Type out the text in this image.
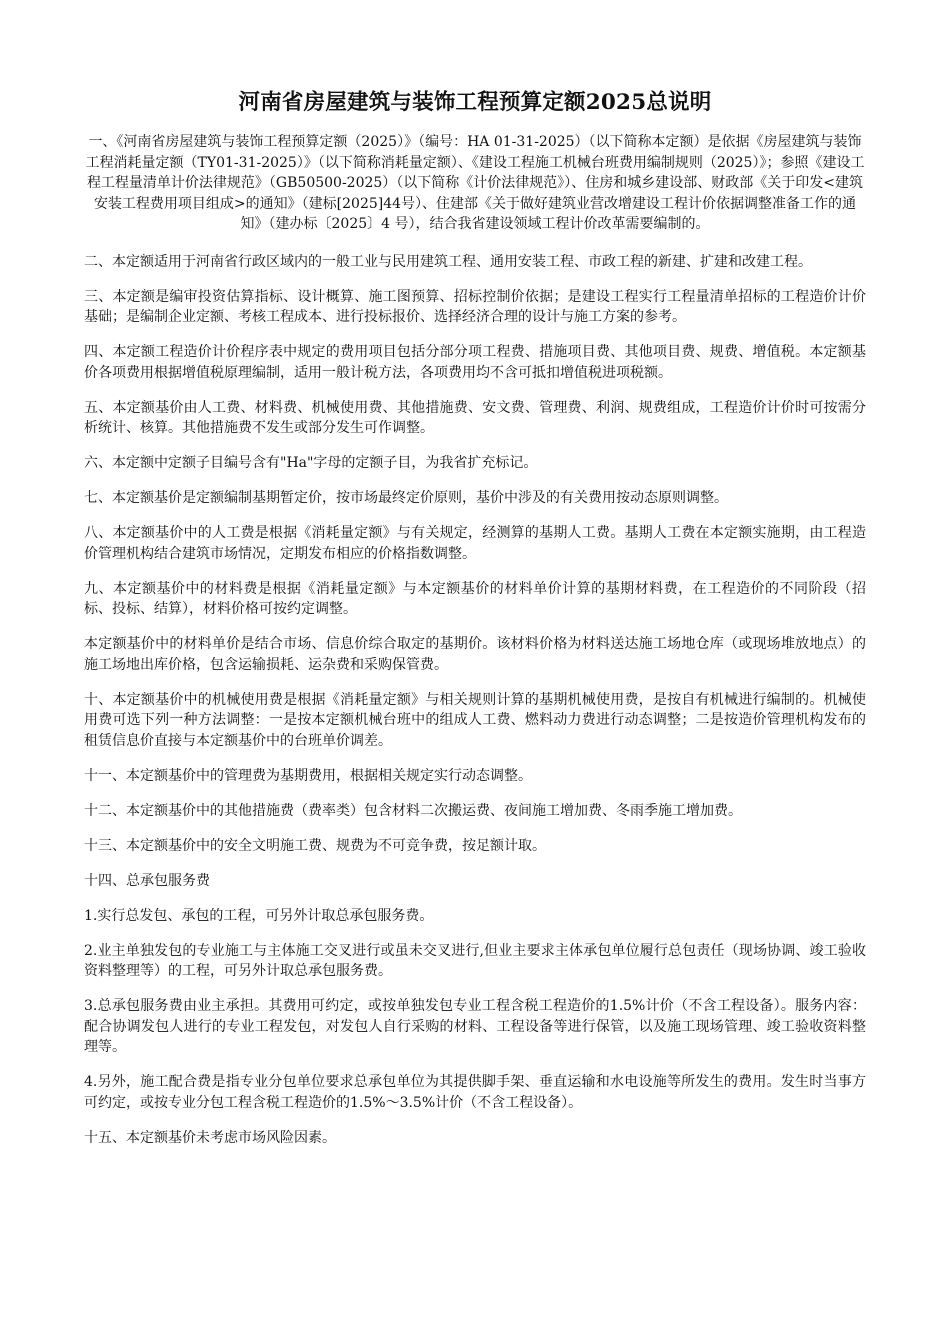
河南省房屋建筑与装饰工程预算定额2025总说明

一、《河南省房屋建筑与装饰工程预算定额（2025）》（编号：HA 01-31-2025）（以下简称本定额）是依据《房屋建筑与装饰工程消耗量定额（TY01-31-2025）》（以下简称消耗量定额）、《建设工程施工机械台班费用编制规则（2025）》；参照《建设工程工程量清单计价法律规范》（GB50500-2025）（以下简称《计价法律规范》）、住房和城乡建设部、财政部《关于印发<建筑安装工程费用项目组成>的通知》（建标[2025]44号）、住建部《关于做好建筑业营改增建设工程计价依据调整准备工作的通知》（建办标〔2025〕4 号），结合我省建设领域工程计价改革需要编制的。

二、本定额适用于河南省行政区域内的一般工业与民用建筑工程、通用安装工程、市政工程的新建、扩建和改建工程。

三、本定额是编审投资估算指标、设计概算、施工图预算、招标控制价依据；是建设工程实行工程量清单招标的工程造价计价基础；是编制企业定额、考核工程成本、进行投标报价、选择经济合理的设计与施工方案的参考。

四、本定额工程造价计价程序表中规定的费用项目包括分部分项工程费、措施项目费、其他项目费、规费、增值税。本定额基价各项费用根据增值税原理编制，适用一般计税方法，各项费用均不含可抵扣增值税进项税额。

五、本定额基价由人工费、材料费、机械使用费、其他措施费、安文费、管理费、利润、规费组成，工程造价计价时可按需分析统计、核算。其他措施费不发生或部分发生可作调整。

六、本定额中定额子目编号含有"Ha"字母的定额子目，为我省扩充标记。

七、本定额基价是定额编制基期暂定价，按市场最终定价原则，基价中涉及的有关费用按动态原则调整。

八、本定额基价中的人工费是根据《消耗量定额》与有关规定，经测算的基期人工费。基期人工费在本定额实施期，由工程造价管理机构结合建筑市场情况，定期发布相应的价格指数调整。

九、本定额基价中的材料费是根据《消耗量定额》与本定额基价的材料单价计算的基期材料费，在工程造价的不同阶段（招标、投标、结算），材料价格可按约定调整。

本定额基价中的材料单价是结合市场、信息价综合取定的基期价。该材料价格为材料送达施工场地仓库（或现场堆放地点）的施工场地出库价格，包含运输损耗、运杂费和采购保管费。

十、本定额基价中的机械使用费是根据《消耗量定额》与相关规则计算的基期机械使用费，是按自有机械进行编制的。机械使用费可选下列一种方法调整：一是按本定额机械台班中的组成人工费、燃料动力费进行动态调整；二是按造价管理机构发布的租赁信息价直接与本定额基价中的台班单价调差。

十一、本定额基价中的管理费为基期费用，根据相关规定实行动态调整。

十二、本定额基价中的其他措施费（费率类）包含材料二次搬运费、夜间施工增加费、冬雨季施工增加费。

十三、本定额基价中的安全文明施工费、规费为不可竞争费，按足额计取。

十四、总承包服务费

1.实行总发包、承包的工程，可另外计取总承包服务费。

2.业主单独发包的专业施工与主体施工交叉进行或虽未交叉进行,但业主要求主体承包单位履行总包责任（现场协调、竣工验收资料整理等）的工程，可另外计取总承包服务费。

3.总承包服务费由业主承担。其费用可约定，或按单独发包专业工程含税工程造价的1.5%计价（不含工程设备）。服务内容：配合协调发包人进行的专业工程发包，对发包人自行采购的材料、工程设备等进行保管，以及施工现场管理、竣工验收资料整理等。

4.另外，施工配合费是指专业分包单位要求总承包单位为其提供脚手架、垂直运输和水电设施等所发生的费用。发生时当事方可约定，或按专业分包工程含税工程造价的1.5%～3.5%计价（不含工程设备）。

十五、本定额基价未考虑市场风险因素。
